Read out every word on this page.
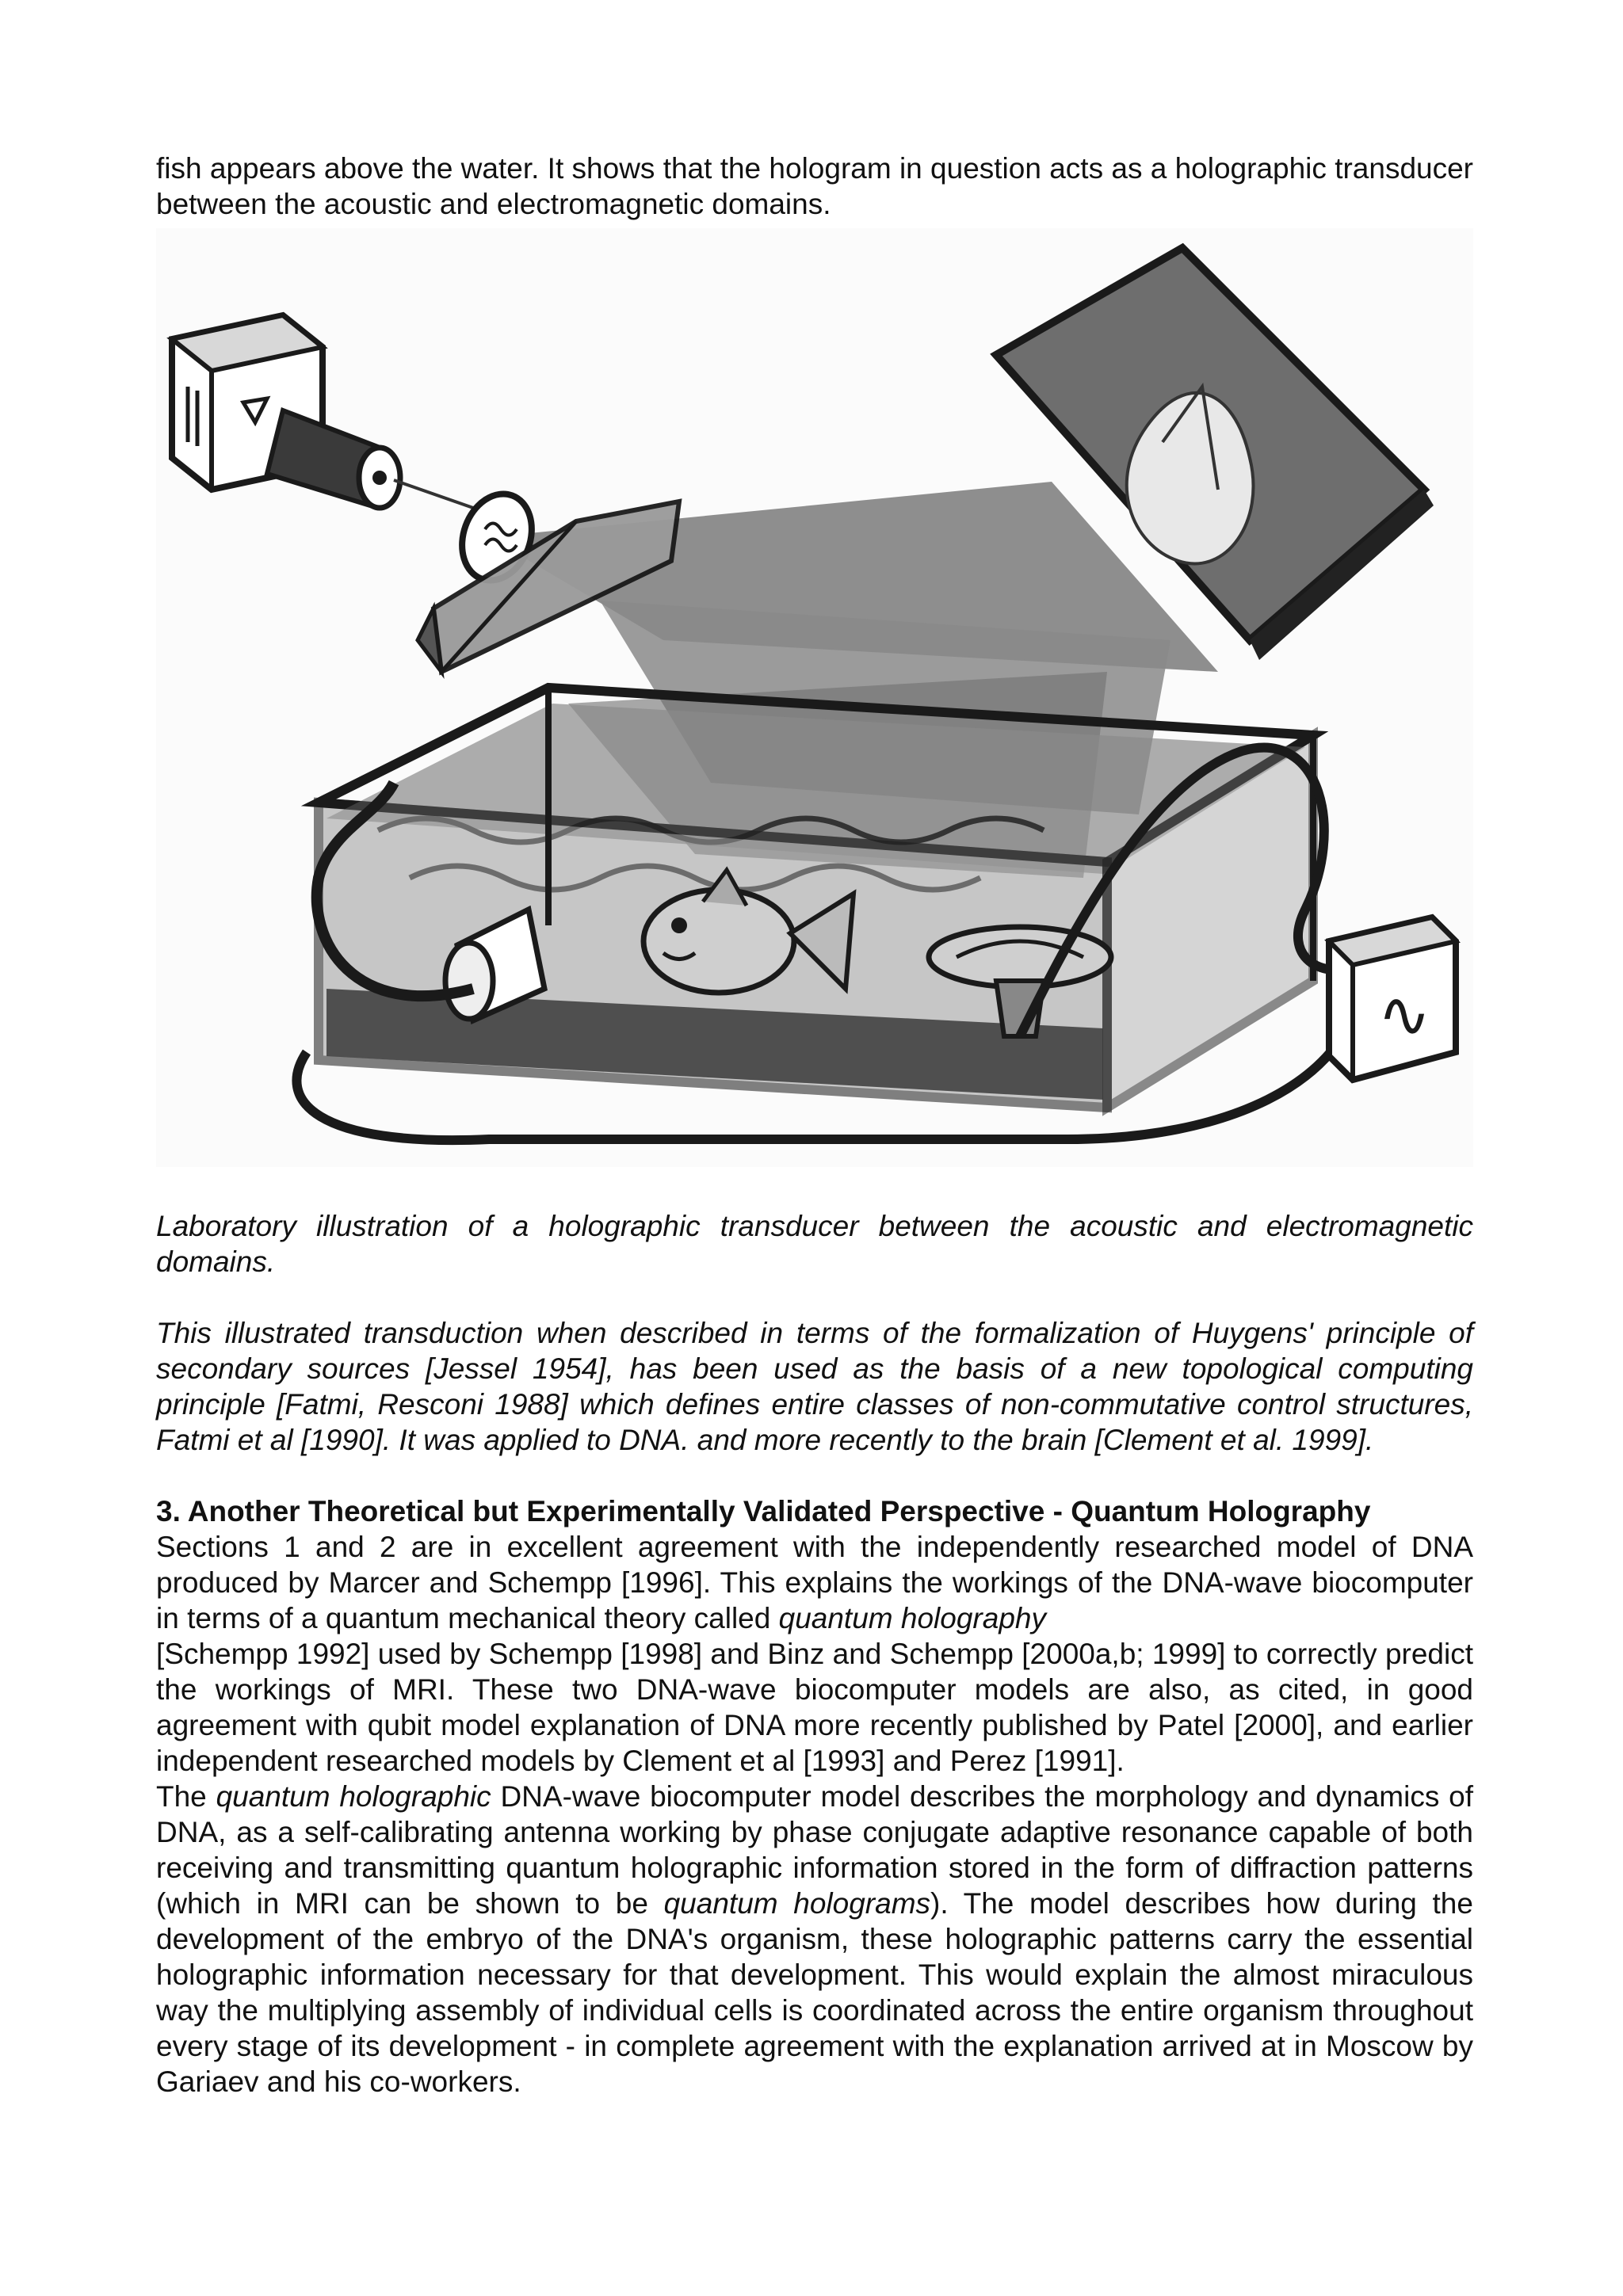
fish appears above the water. It shows that the hologram in question acts as a holographic transducer between the acoustic and electromagnetic domains.

∿

Laboratory illustration of a holographic transducer between the acoustic and electromagnetic domains.

This illustrated transduction when described in terms of the formalization of Huygens' principle of secondary sources [Jessel 1954], has been used as the basis of a new topological computing principle [Fatmi, Resconi 1988] which defines entire classes of non-commutative control structures, Fatmi et al [1990]. It was applied to DNA. and more recently to the brain [Clement et al. 1999].

3. Another Theoretical but Experimentally Validated Perspective - Quantum Holography

Sections 1 and 2 are in excellent agreement with the independently researched model of DNA produced by Marcer and Schempp [1996]. This explains the workings of the DNA-wave biocomputer in terms of a quantum mechanical theory called quantum holography
[Schempp 1992] used by Schempp [1998] and Binz and Schempp [2000a,b; 1999] to correctly predict the workings of MRI. These two DNA-wave biocomputer models are also, as cited, in good agreement with qubit model explanation of DNA more recently published by Patel [2000], and earlier independent researched models by Clement et al [1993] and Perez [1991].

The quantum holographic DNA-wave biocomputer model describes the morphology and dynamics of DNA, as a self-calibrating antenna working by phase conjugate adaptive resonance capable of both receiving and transmitting quantum holographic information stored in the form of diffraction patterns (which in MRI can be shown to be quantum holograms). The model describes how during the development of the embryo of the DNA's organism, these holographic patterns carry the essential holographic information necessary for that development. This would explain the almost miraculous way the multiplying assembly of individual cells is coordinated across the entire organism throughout every stage of its development - in complete agreement with the explanation arrived at in Moscow by Gariaev and his co-workers.
